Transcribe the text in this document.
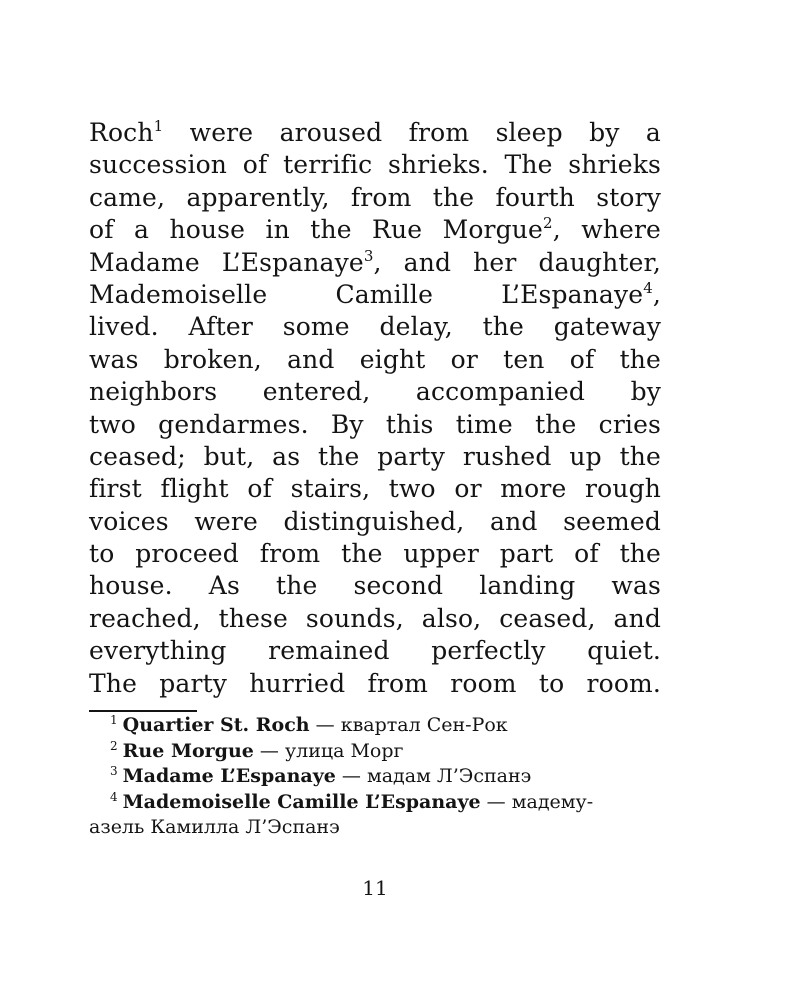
Roch$^1$ were aroused from sleep by a
succession of terrific shrieks. The shrieks
came, apparently, from the fourth story
of a house in the Rue Morgue$^2$, where
Madame L’Espanaye$^3$, and her daughter,
Mademoiselle Camille L’Espanaye$^4$,
lived. After some delay, the gateway
was broken, and eight or ten of the
neighbors entered, accompanied by
two gendarmes. By this time the cries
ceased; but, as the party rushed up the
first flight of stairs, two or more rough
voices were distinguished, and seemed
to proceed from the upper part of the
house. As the second landing was
reached, these sounds, also, ceased, and
everything remained perfectly quiet.
The party hurried from room to room.
$^1$ Quartier St. Roch — квартал Сен-Рок
$^2$ Rue Morgue — улица Морг
$^3$ Madame L’Espanaye — мадам Л’Эспанэ
$^4$ Mademoiselle Camille L’Espanaye — мадему-
азель Камилла Л’Эспанэ
11
